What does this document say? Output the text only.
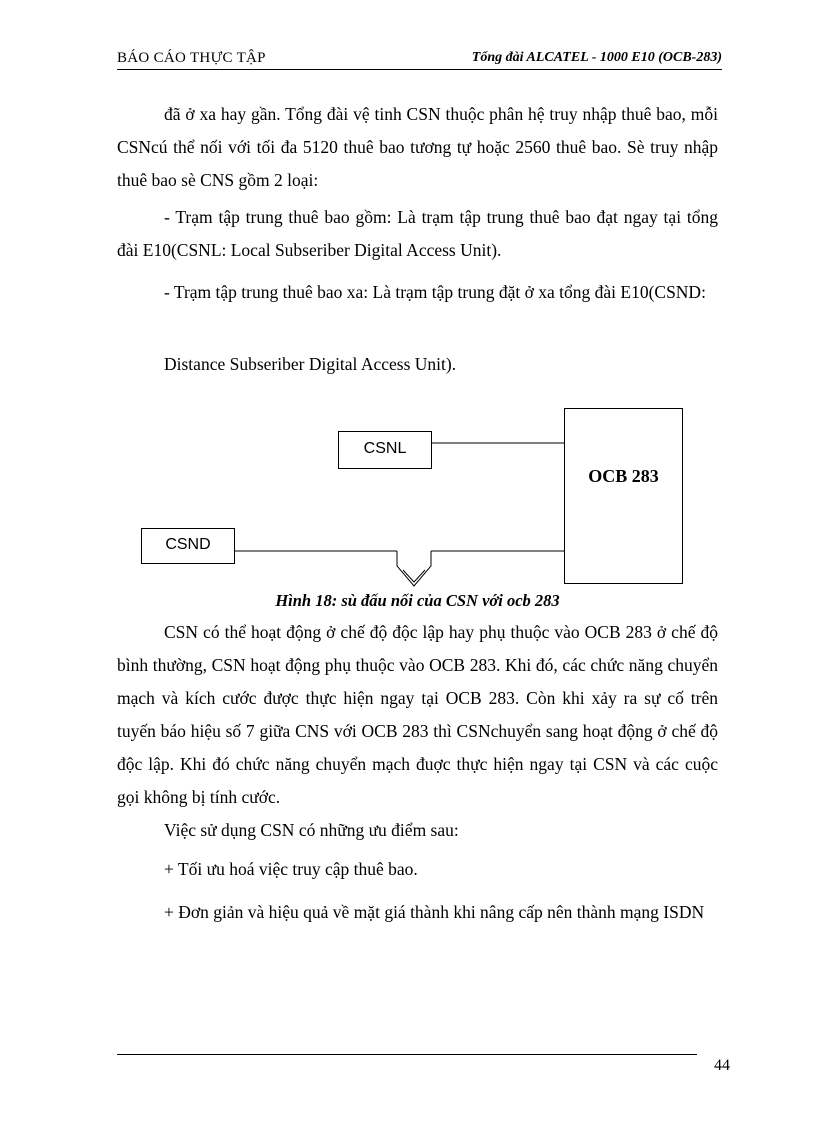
BÁO CÁO THỰC TẬP	Tổng đài ALCATEL - 1000 E10 (OCB-283)

đã ở xa hay gần. Tổng đài vệ tinh CSN thuộc phân hệ truy nhập thuê bao, mỗi CSNcú thể nối với tối đa 5120 thuê bao tương tự hoặc 2560 thuê bao. Sè truy nhập thuê bao sè CNS gồm 2 loại:

- Trạm tập trung thuê bao gồm: Là trạm tập trung thuê bao đạt ngay tại tổng đài E10(CSNL: Local Subseriber Digital Access Unit).

- Trạm tập trung thuê bao xa: Là trạm tập trung đặt ở xa tổng đài E10(CSND:

Distance Subseriber Digital Access Unit).

CSNL
CSND
OCB 283
Hình 18: sù đấu nối của CSN với ocb 283

CSN có thể hoạt động ở chế độ độc lập hay phụ thuộc vào OCB 283 ở chế độ bình thường, CSN hoạt động phụ thuộc vào OCB 283. Khi đó, các chức năng chuyển mạch và kích cước được thực hiện ngay tại OCB 283. Còn khi xảy ra sự cố trên tuyến báo hiệu số 7 giữa CNS với OCB 283 thì CSNchuyển sang hoạt động ở chế độ độc lập. Khi đó chức năng chuyển mạch đuợc thực hiện ngay tại CSN và các cuộc gọi không bị tính cước.

Việc sử dụng CSN có những ưu điểm sau:

+ Tối ưu hoá việc truy cập thuê bao.

+ Đơn giản và hiệu quả về mặt giá thành khi nâng cấp nên thành mạng ISDN

44
